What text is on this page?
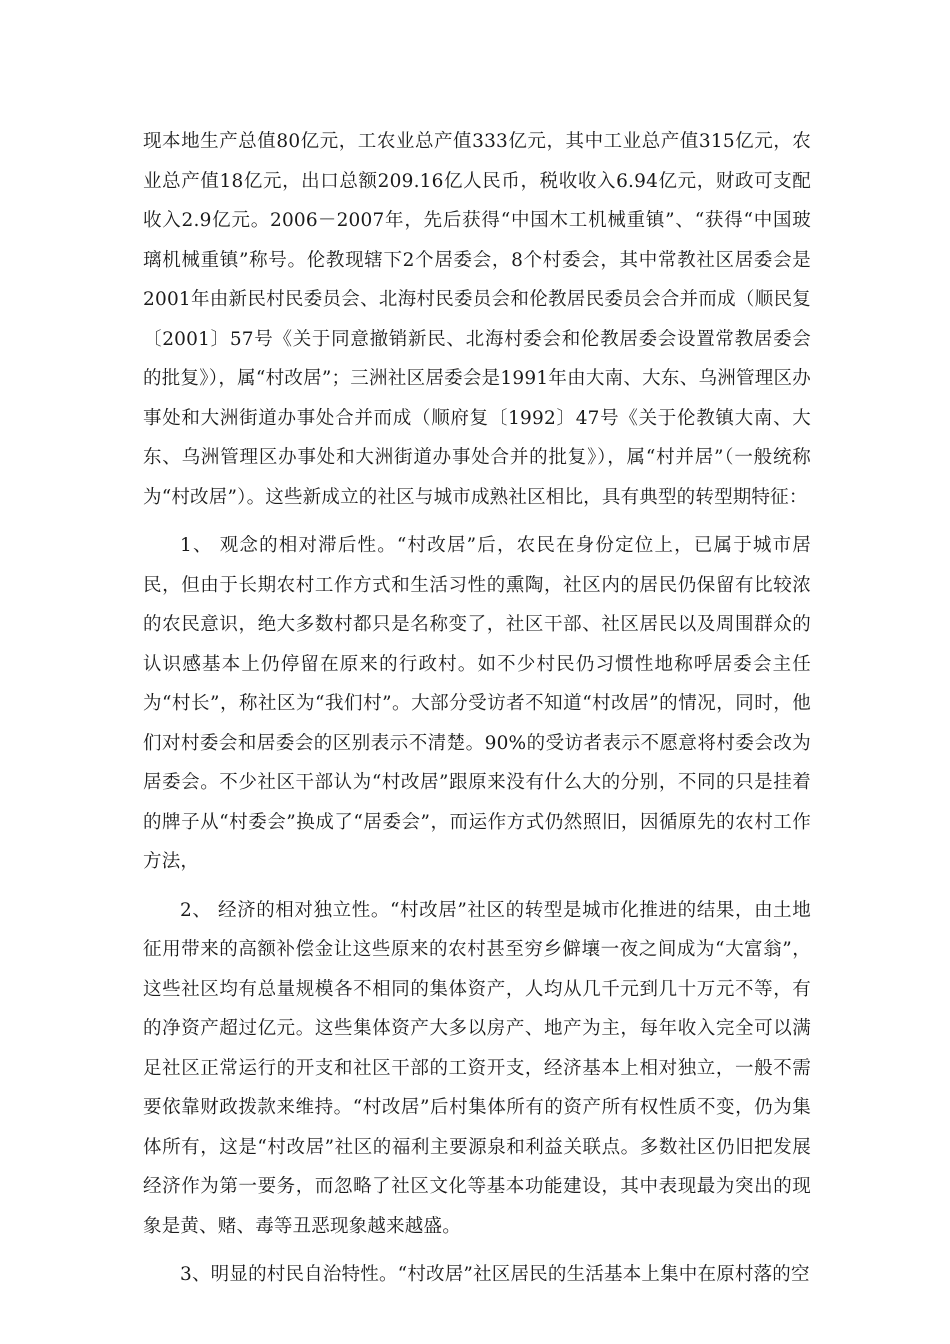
现本地生产总值80亿元，工农业总产值333亿元，其中工业总产值315亿元，农业总产值18亿元，出口总额209.16亿人民币，税收收入6.94亿元，财政可支配收入2.9亿元。2006－2007年，先后获得“中国木工机械重镇”、“获得“中国玻璃机械重镇”称号。伦教现辖下2个居委会，8个村委会，其中常教社区居委会是2001年由新民村民委员会、北海村民委员会和伦教居民委员会合并而成（顺民复〔2001〕57号《关于同意撤销新民、北海村委会和伦教居委会设置常教居委会的批复》），属“村改居”；三洲社区居委会是1991年由大南、大东、乌洲管理区办事处和大洲街道办事处合并而成（顺府复〔1992〕47号《关于伦教镇大南、大东、乌洲管理区办事处和大洲街道办事处合并的批复》），属“村并居”（一般统称为“村改居”）。这些新成立的社区与城市成熟社区相比，具有典型的转型期特征：

1、 观念的相对滞后性。“村改居”后，农民在身份定位上，已属于城市居民，但由于长期农村工作方式和生活习性的熏陶，社区内的居民仍保留有比较浓的农民意识，绝大多数村都只是名称变了，社区干部、社区居民以及周围群众的认识感基本上仍停留在原来的行政村。如不少村民仍习惯性地称呼居委会主任为“村长”，称社区为“我们村”。大部分受访者不知道“村改居”的情况，同时，他们对村委会和居委会的区别表示不清楚。90%的受访者表示不愿意将村委会改为居委会。不少社区干部认为“村改居”跟原来没有什么大的分别，不同的只是挂着的牌子从“村委会”换成了“居委会”，而运作方式仍然照旧，因循原先的农村工作方法，

2、 经济的相对独立性。“村改居”社区的转型是城市化推进的结果，由土地征用带来的高额补偿金让这些原来的农村甚至穷乡僻壤一夜之间成为“大富翁”，这些社区均有总量规模各不相同的集体资产，人均从几千元到几十万元不等，有的净资产超过亿元。这些集体资产大多以房产、地产为主，每年收入完全可以满足社区正常运行的开支和社区干部的工资开支，经济基本上相对独立，一般不需要依靠财政拨款来维持。“村改居”后村集体所有的资产所有权性质不变，仍为集体所有，这是“村改居”社区的福利主要源泉和利益关联点。多数社区仍旧把发展经济作为第一要务，而忽略了社区文化等基本功能建设，其中表现最为突出的现象是黄、赌、毒等丑恶现象越来越盛。

3、明显的村民自治特性。“村改居”社区居民的生活基本上集中在原村落的空
